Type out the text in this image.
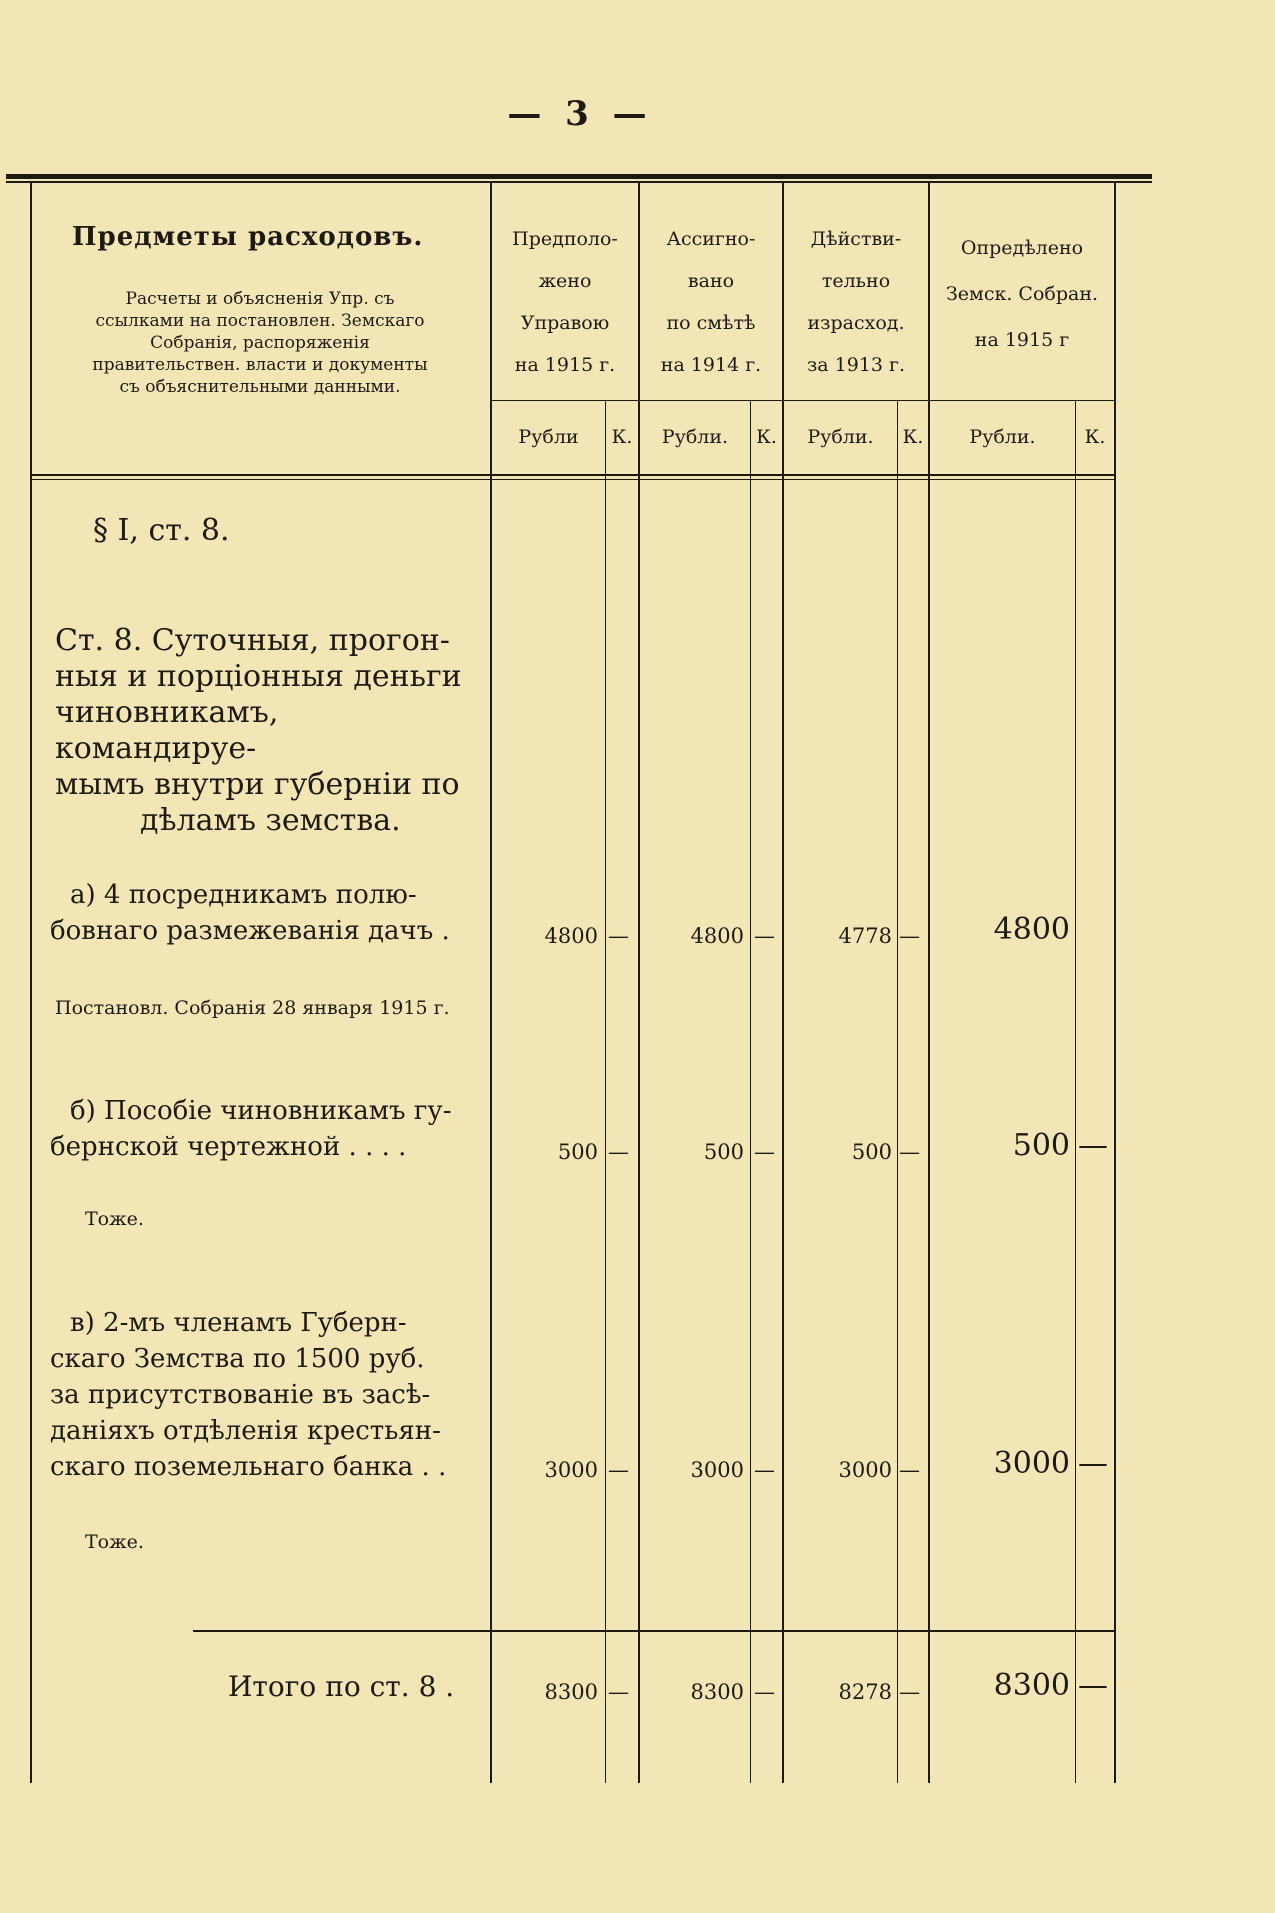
— 3 —
Предметы расходовъ.
Расчеты и объясненія Упр. съ ссылками на постановлен. Земскаго Собранія, распоряженія правительствен. власти и документы съ объяснительными данными.
Предполо-
жено
Управою
на 1915 г.
Ассигно-
вано
по смѣтѣ
на 1914 г.
Дѣйстви-
тельно
израсход.
за 1913 г.
Опредѣлено
Земск. Собран.
на 1915 г
Рубли	К.	Рубли.	К.	Рубли.	К.	Рубли.	К.
§ I, ст. 8.
Ст. 8. Суточныя, прогон-
ныя и порціонныя деньги
чиновникамъ, командируе-
мымъ внутри губерніи по
дѣламъ земства.
а) 4 посредникамъ полю-
бовнаго размежеванія дачъ .
Постановл. Собранія 28 января 1915 г.
4800 —	4800 —	4778 —	4800
б) Пособіе чиновникамъ гу-
бернской чертежной . . . .
Тоже.
500 —	500 —	500 —	500 —
в) 2-мъ членамъ Губерн-
скаго Земства по 1500 руб.
за присутствованіе въ засѣ-
даніяхъ отдѣленія крестьян-
скаго поземельнаго банка . .
Тоже.
3000 —	3000 —	3000 —	3000 —
Итого по ст. 8 .	8300 —	8300 —	8278 —	8300 —
